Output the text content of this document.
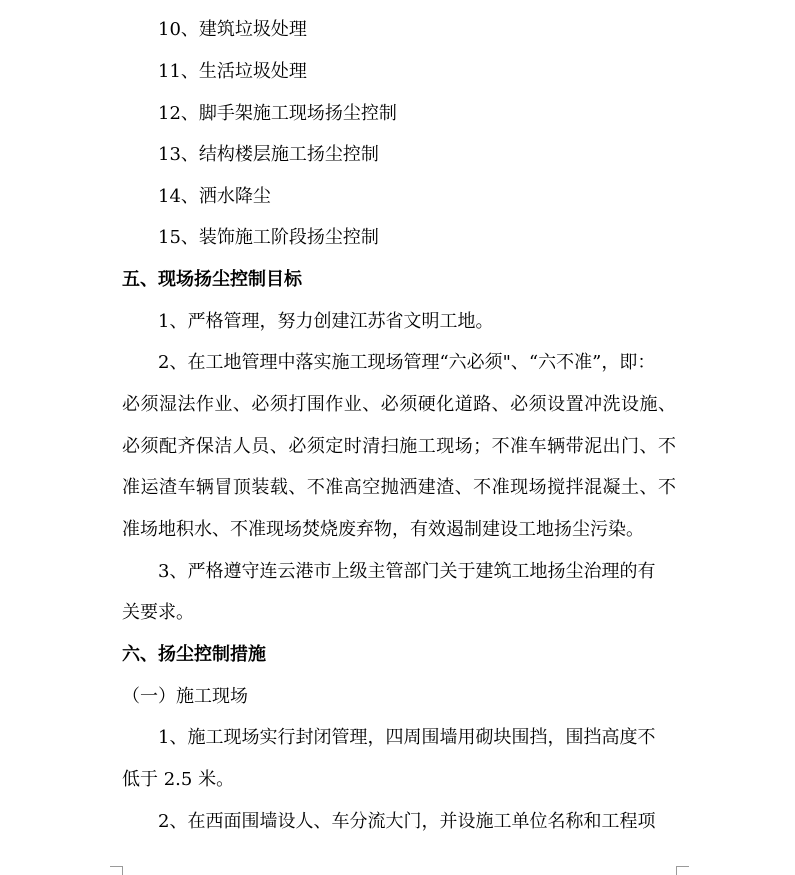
10、建筑垃圾处理
11、生活垃圾处理
12、脚手架施工现场扬尘控制
13、结构楼层施工扬尘控制
14、洒水降尘
15、装饰施工阶段扬尘控制
五、现场扬尘控制目标
1、严格管理，努力创建江苏省文明工地。
2、在工地管理中落实施工现场管理“六必须"、“六不准”，即：
必须湿法作业、必须打围作业、必须硬化道路、必须设置冲洗设施、
必须配齐保洁人员、必须定时清扫施工现场；不准车辆带泥出门、不
准运渣车辆冒顶装载、不准高空抛洒建渣、不准现场搅拌混凝土、不
准场地积水、不准现场焚烧废弃物，有效遏制建设工地扬尘污染。
3、严格遵守连云港市上级主管部门关于建筑工地扬尘治理的有
关要求。
六、扬尘控制措施
（一）施工现场
1、施工现场实行封闭管理，四周围墙用砌块围挡，围挡高度不
低于 2.5 米。
2、在西面围墙设人、车分流大门，并设施工单位名称和工程项
